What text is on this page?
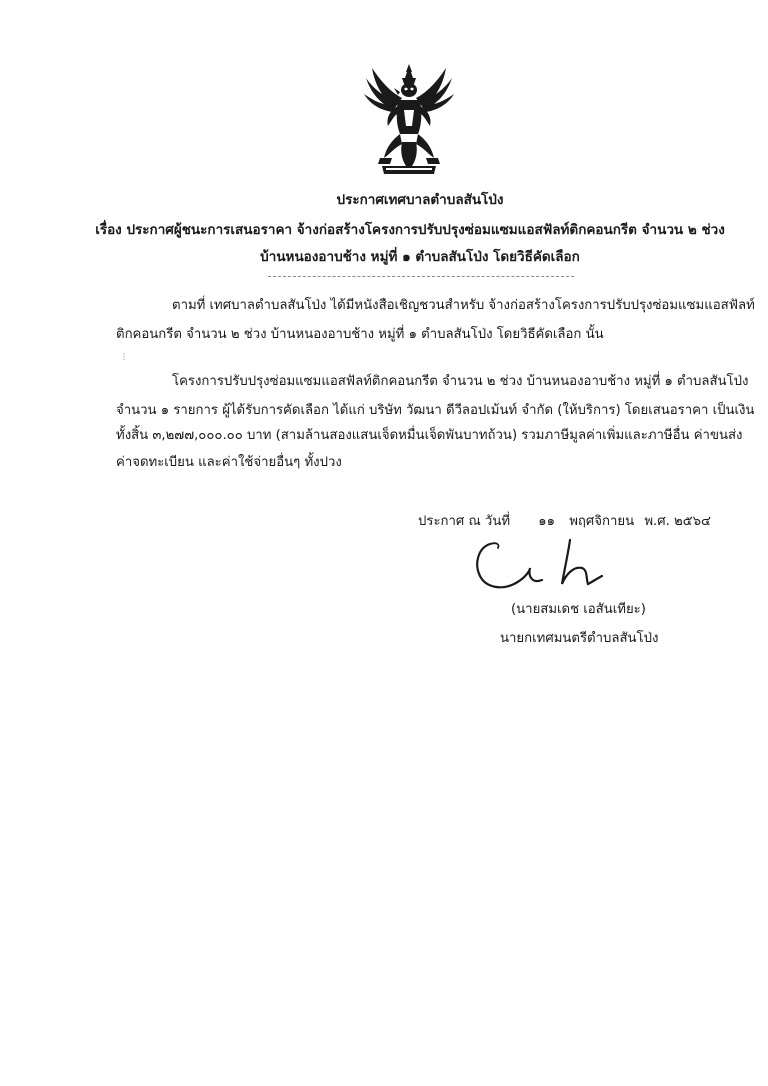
ประกาศเทศบาลตำบลสันโป่ง
เรื่อง ประกาศผู้ชนะการเสนอราคา จ้างก่อสร้างโครงการปรับปรุงซ่อมแซมแอสฟัลท์ติกคอนกรีต จำนวน ๒ ช่วง
บ้านหนองอาบช้าง หมู่ที่ ๑ ตำบลสันโป่ง โดยวิธีคัดเลือก
ตามที่ เทศบาลตำบลสันโป่ง ได้มีหนังสือเชิญชวนสำหรับ จ้างก่อสร้างโครงการปรับปรุงซ่อมแซมแอสฟัลท์
ติกคอนกรีต จำนวน ๒ ช่วง บ้านหนองอาบช้าง หมู่ที่ ๑ ตำบลสันโป่ง โดยวิธีคัดเลือก นั้น
⋮
โครงการปรับปรุงซ่อมแซมแอสฟัลท์ติกคอนกรีต จำนวน ๒ ช่วง บ้านหนองอาบช้าง หมู่ที่ ๑ ตำบลสันโป่ง
จำนวน ๑ รายการ ผู้ได้รับการคัดเลือก ได้แก่ บริษัท วัฒนา ดีวีลอปเม้นท์ จำกัด (ให้บริการ) โดยเสนอราคา เป็นเงิน
ทั้งสิ้น ๓,๒๗๗,๐๐๐.๐๐ บาท (สามล้านสองแสนเจ็ดหมื่นเจ็ดพันบาทถ้วน) รวมภาษีมูลค่าเพิ่มและภาษีอื่น ค่าขนส่ง
ค่าจดทะเบียน และค่าใช้จ่ายอื่นๆ ทั้งปวง
ประกาศ ณ วันที่ ๑๑ พฤศจิกายน พ.ศ. ๒๕๖๔
(นายสมเดช เอสันเทียะ)
นายกเทศมนตรีตำบลสันโป่ง
